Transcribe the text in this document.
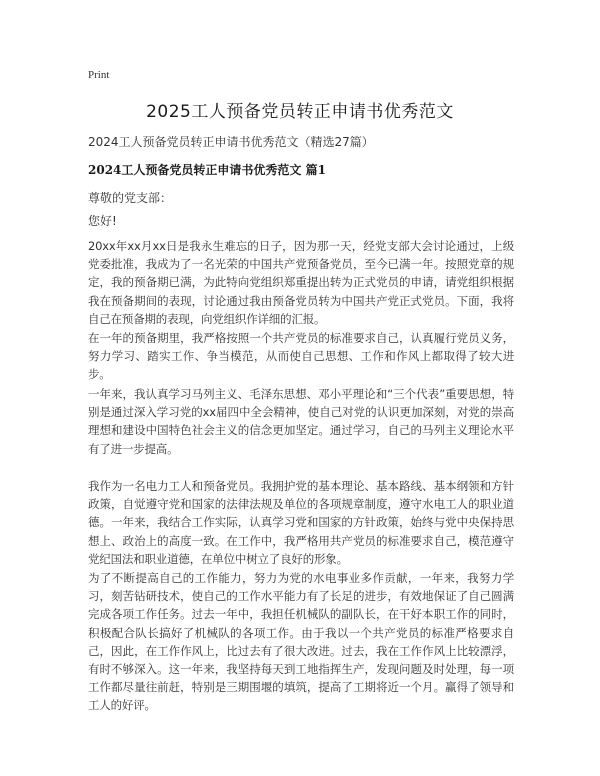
Print
2025工人预备党员转正申请书优秀范文
2024工人预备党员转正申请书优秀范文（精选27篇）
2024工人预备党员转正申请书优秀范文 篇1
尊敬的党支部：
您好!

20xx年xx月xx日是我永生难忘的日子，因为那一天，经党支部大会讨论通过，上级党委批准，我成为了一名光荣的中国共产党预备党员，至今已满一年。按照党章的规定，我的预备期已满，为此特向党组织郑重提出转为正式党员的申请，请党组织根据我在预备期间的表现，讨论通过我由预备党员转为中国共产党正式党员。下面，我将自己在预备期的表现，向党组织作详细的汇报。

在一年的预备期里，我严格按照一个共产党员的标准要求自己，认真履行党员义务，努力学习、踏实工作、争当模范，从而使自己思想、工作和作风上都取得了较大进步。

一年来，我认真学习马列主义、毛泽东思想、邓小平理论和“三个代表”重要思想，特别是通过深入学习党的xx届四中全会精神，使自己对党的认识更加深刻，对党的崇高理想和建设中国特色社会主义的信念更加坚定。通过学习，自己的马列主义理论水平有了进一步提高。

我作为一名电力工人和预备党员。我拥护党的基本理论、基本路线、基本纲领和方针政策，自觉遵守党和国家的法律法规及单位的各项规章制度，遵守水电工人的职业道德。一年来，我结合工作实际，认真学习党和国家的方针政策，始终与党中央保持思想上、政治上的高度一致。在工作中，我严格用共产党员的标准要求自己，模范遵守党纪国法和职业道德，在单位中树立了良好的形象。

为了不断提高自己的工作能力，努力为党的水电事业多作贡献，一年来，我努力学习，刻苦钻研技术，使自己的工作水平能力有了长足的进步，有效地保证了自己圆满完成各项工作任务。过去一年中，我担任机械队的副队长，在干好本职工作的同时，积极配合队长搞好了机械队的各项工作。由于我以一个共产党员的标准严格要求自己，因此，在工作作风上，比过去有了很大改进。过去，我在工作作风上比较漂浮，有时不够深入。这一年来，我坚持每天到工地指挥生产，发现问题及时处理，每一项工作都尽量往前赶，特别是三期围堰的填筑，提高了工期将近一个月。赢得了领导和工人的好评。
